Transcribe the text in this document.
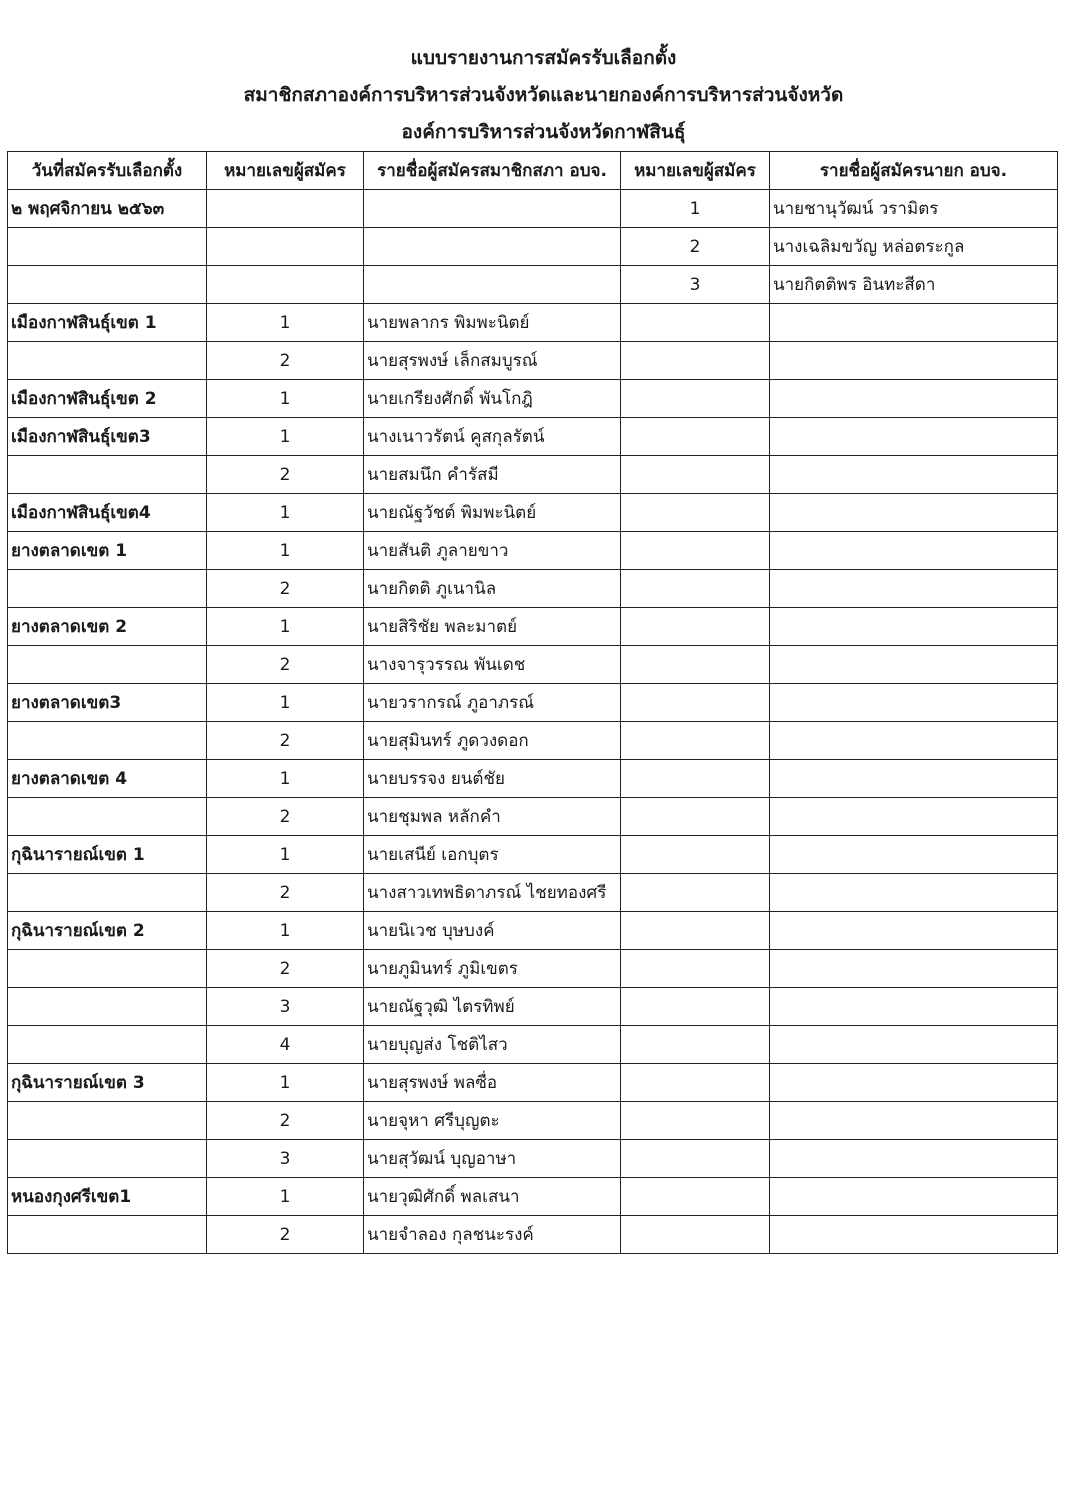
แบบรายงานการสมัครรับเลือกตั้ง
สมาชิกสภาองค์การบริหารส่วนจังหวัดและนายกองค์การบริหารส่วนจังหวัด
องค์การบริหารส่วนจังหวัดกาฬสินธุ์
วันที่สมัครรับเลือกตั้ง	หมายเลขผู้สมัคร	รายชื่อผู้สมัครสมาชิกสภา อบจ.	หมายเลขผู้สมัคร	รายชื่อผู้สมัครนายก อบจ.
๒ พฤศจิกายน ๒๕๖๓			1	นายชานุวัฒน์ วรามิตร
			2	นางเฉลิมขวัญ หล่อตระกูล
			3	นายกิตติพร อินทะสีดา
เมืองกาฬสินธุ์เขต 1	1	นายพลากร พิมพะนิตย์		
	2	นายสุรพงษ์ เล็กสมบูรณ์		
เมืองกาฬสินธุ์เขต 2	1	นายเกรียงศักดิ์ พันโกฎิ		
เมืองกาฬสินธุ์เขต3	1	นางเนาวรัตน์ คูสกุลรัตน์		
	2	นายสมนึก คำรัสมี		
เมืองกาฬสินธุ์เขต4	1	นายณัฐวัชต์ พิมพะนิตย์		
ยางตลาดเขต 1	1	นายสันติ ภูลายขาว		
	2	นายกิตติ ภูเนานิล		
ยางตลาดเขต 2	1	นายสิริชัย พละมาตย์		
	2	นางจารุวรรณ พันเดช		
ยางตลาดเขต3	1	นายวรากรณ์ ภูอาภรณ์		
	2	นายสุมินทร์ ภูดวงดอก		
ยางตลาดเขต 4	1	นายบรรจง ยนต์ชัย		
	2	นายชุมพล หลักคำ		
กุฉินารายณ์เขต 1	1	นายเสนีย์ เอกบุตร		
	2	นางสาวเทพธิดาภรณ์ ไชยทองศรี		
กุฉินารายณ์เขต 2	1	นายนิเวช บุษบงค์		
	2	นายภูมินทร์ ภูมิเขตร		
	3	นายณัฐวุฒิ ไตรทิพย์		
	4	นายบุญส่ง โชติไสว		
กุฉินารายณ์เขต 3	1	นายสุรพงษ์ พลซื่อ		
	2	นายจุหา ศรีบุญตะ		
	3	นายสุวัฒน์ บุญอาษา		
หนองกุงศรีเขต1	1	นายวุฒิศักดิ์ พลเสนา		
	2	นายจำลอง กุลชนะรงค์		
